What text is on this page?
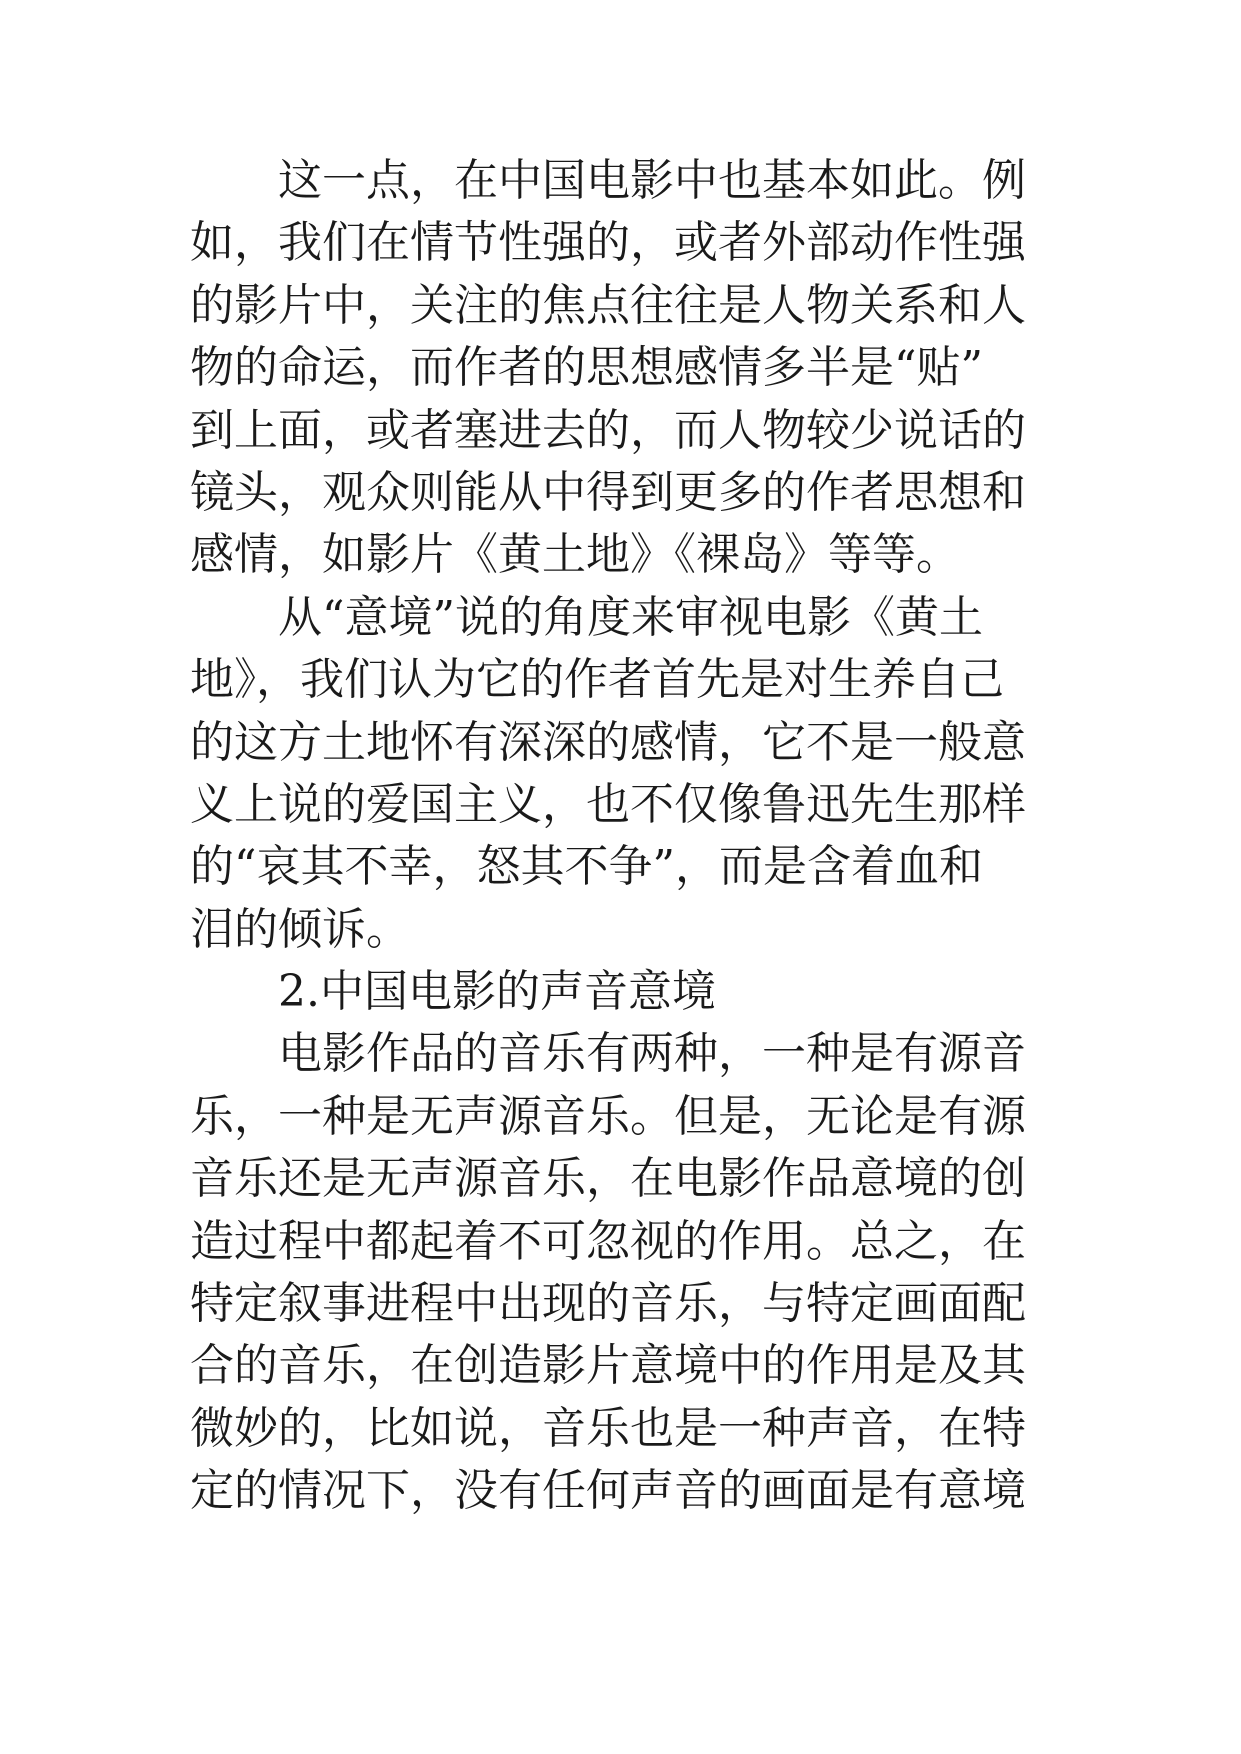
这一点，在中国电影中也基本如此。例
如，我们在情节性强的，或者外部动作性强
的影片中，关注的焦点往往是人物关系和人
物的命运，而作者的思想感情多半是“贴”
到上面，或者塞进去的，而人物较少说话的
镜头，观众则能从中得到更多的作者思想和
感情，如影片《黄土地》《裸岛》等等。
从“意境”说的角度来审视电影《黄土
地》，我们认为它的作者首先是对生养自己
的这方土地怀有深深的感情，它不是一般意
义上说的爱国主义，也不仅像鲁迅先生那样
的“哀其不幸，怒其不争”，而是含着血和
泪的倾诉。
2.中国电影的声音意境
电影作品的音乐有两种，一种是有源音
乐，一种是无声源音乐。但是，无论是有源
音乐还是无声源音乐，在电影作品意境的创
造过程中都起着不可忽视的作用。总之，在
特定叙事进程中出现的音乐，与特定画面配
合的音乐，在创造影片意境中的作用是及其
微妙的，比如说，音乐也是一种声音，在特
定的情况下，没有任何声音的画面是有意境
